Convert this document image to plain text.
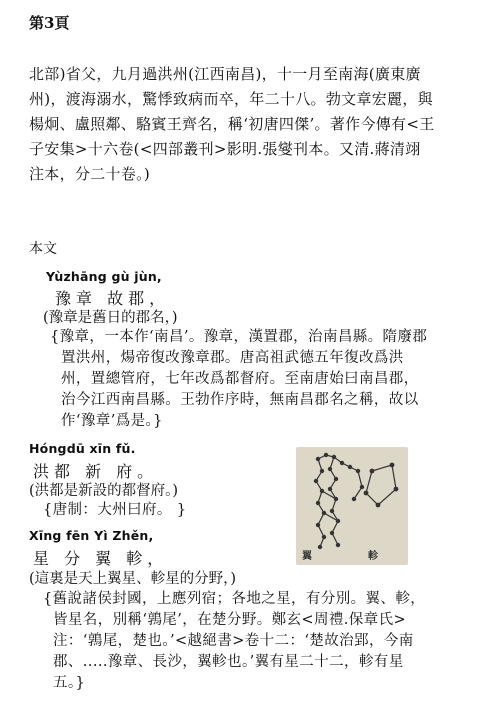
第3頁
北部)省父，九月過洪州(江西南昌)，十一月至南海(廣東廣
州)，渡海溺水，驚悸致病而卒，年二十八。勃文章宏麗，與
楊炯、盧照鄰、駱賓王齊名，稱‘初唐四傑’。著作今傳有<王
子安集>十六卷(<四部叢刊>影明.張燮刊本。又清.蔣清翊
注本，分二十卷。)
本文
Yùzhāng gù jùn,
豫章 故郡，
(豫章是舊日的郡名，)
{豫章，一本作‘南昌’。豫章，漢置郡，治南昌縣。隋廢郡
置洪州，煬帝復改豫章郡。唐高祖武德五年復改爲洪
州，置總管府，七年改爲都督府。至南唐始曰南昌郡，
治今江西南昌縣。王勃作序時，無南昌郡名之稱，故以
作‘豫章’爲是。}
Hóngdū xīn fǔ.
洪都 新 府。
(洪都是新設的都督府。)
{唐制：大州曰府。 }
翼	軫
Xīng fēn Yì Zhěn,
星 分 翼 軫，
(這裏是天上翼星、軫星的分野，)
{舊說諸侯封國，上應列宿；各地之星，有分別。翼、軫，
皆星名，別稱‘鶉尾’，在楚分野。鄭玄<周禮.保章氏>
注：‘鶉尾，楚也。’<越絕書>卷十二：‘楚故治郢，今南
郡、.....豫章、長沙，翼軫也。’翼有星二十二，軫有星
五。}
